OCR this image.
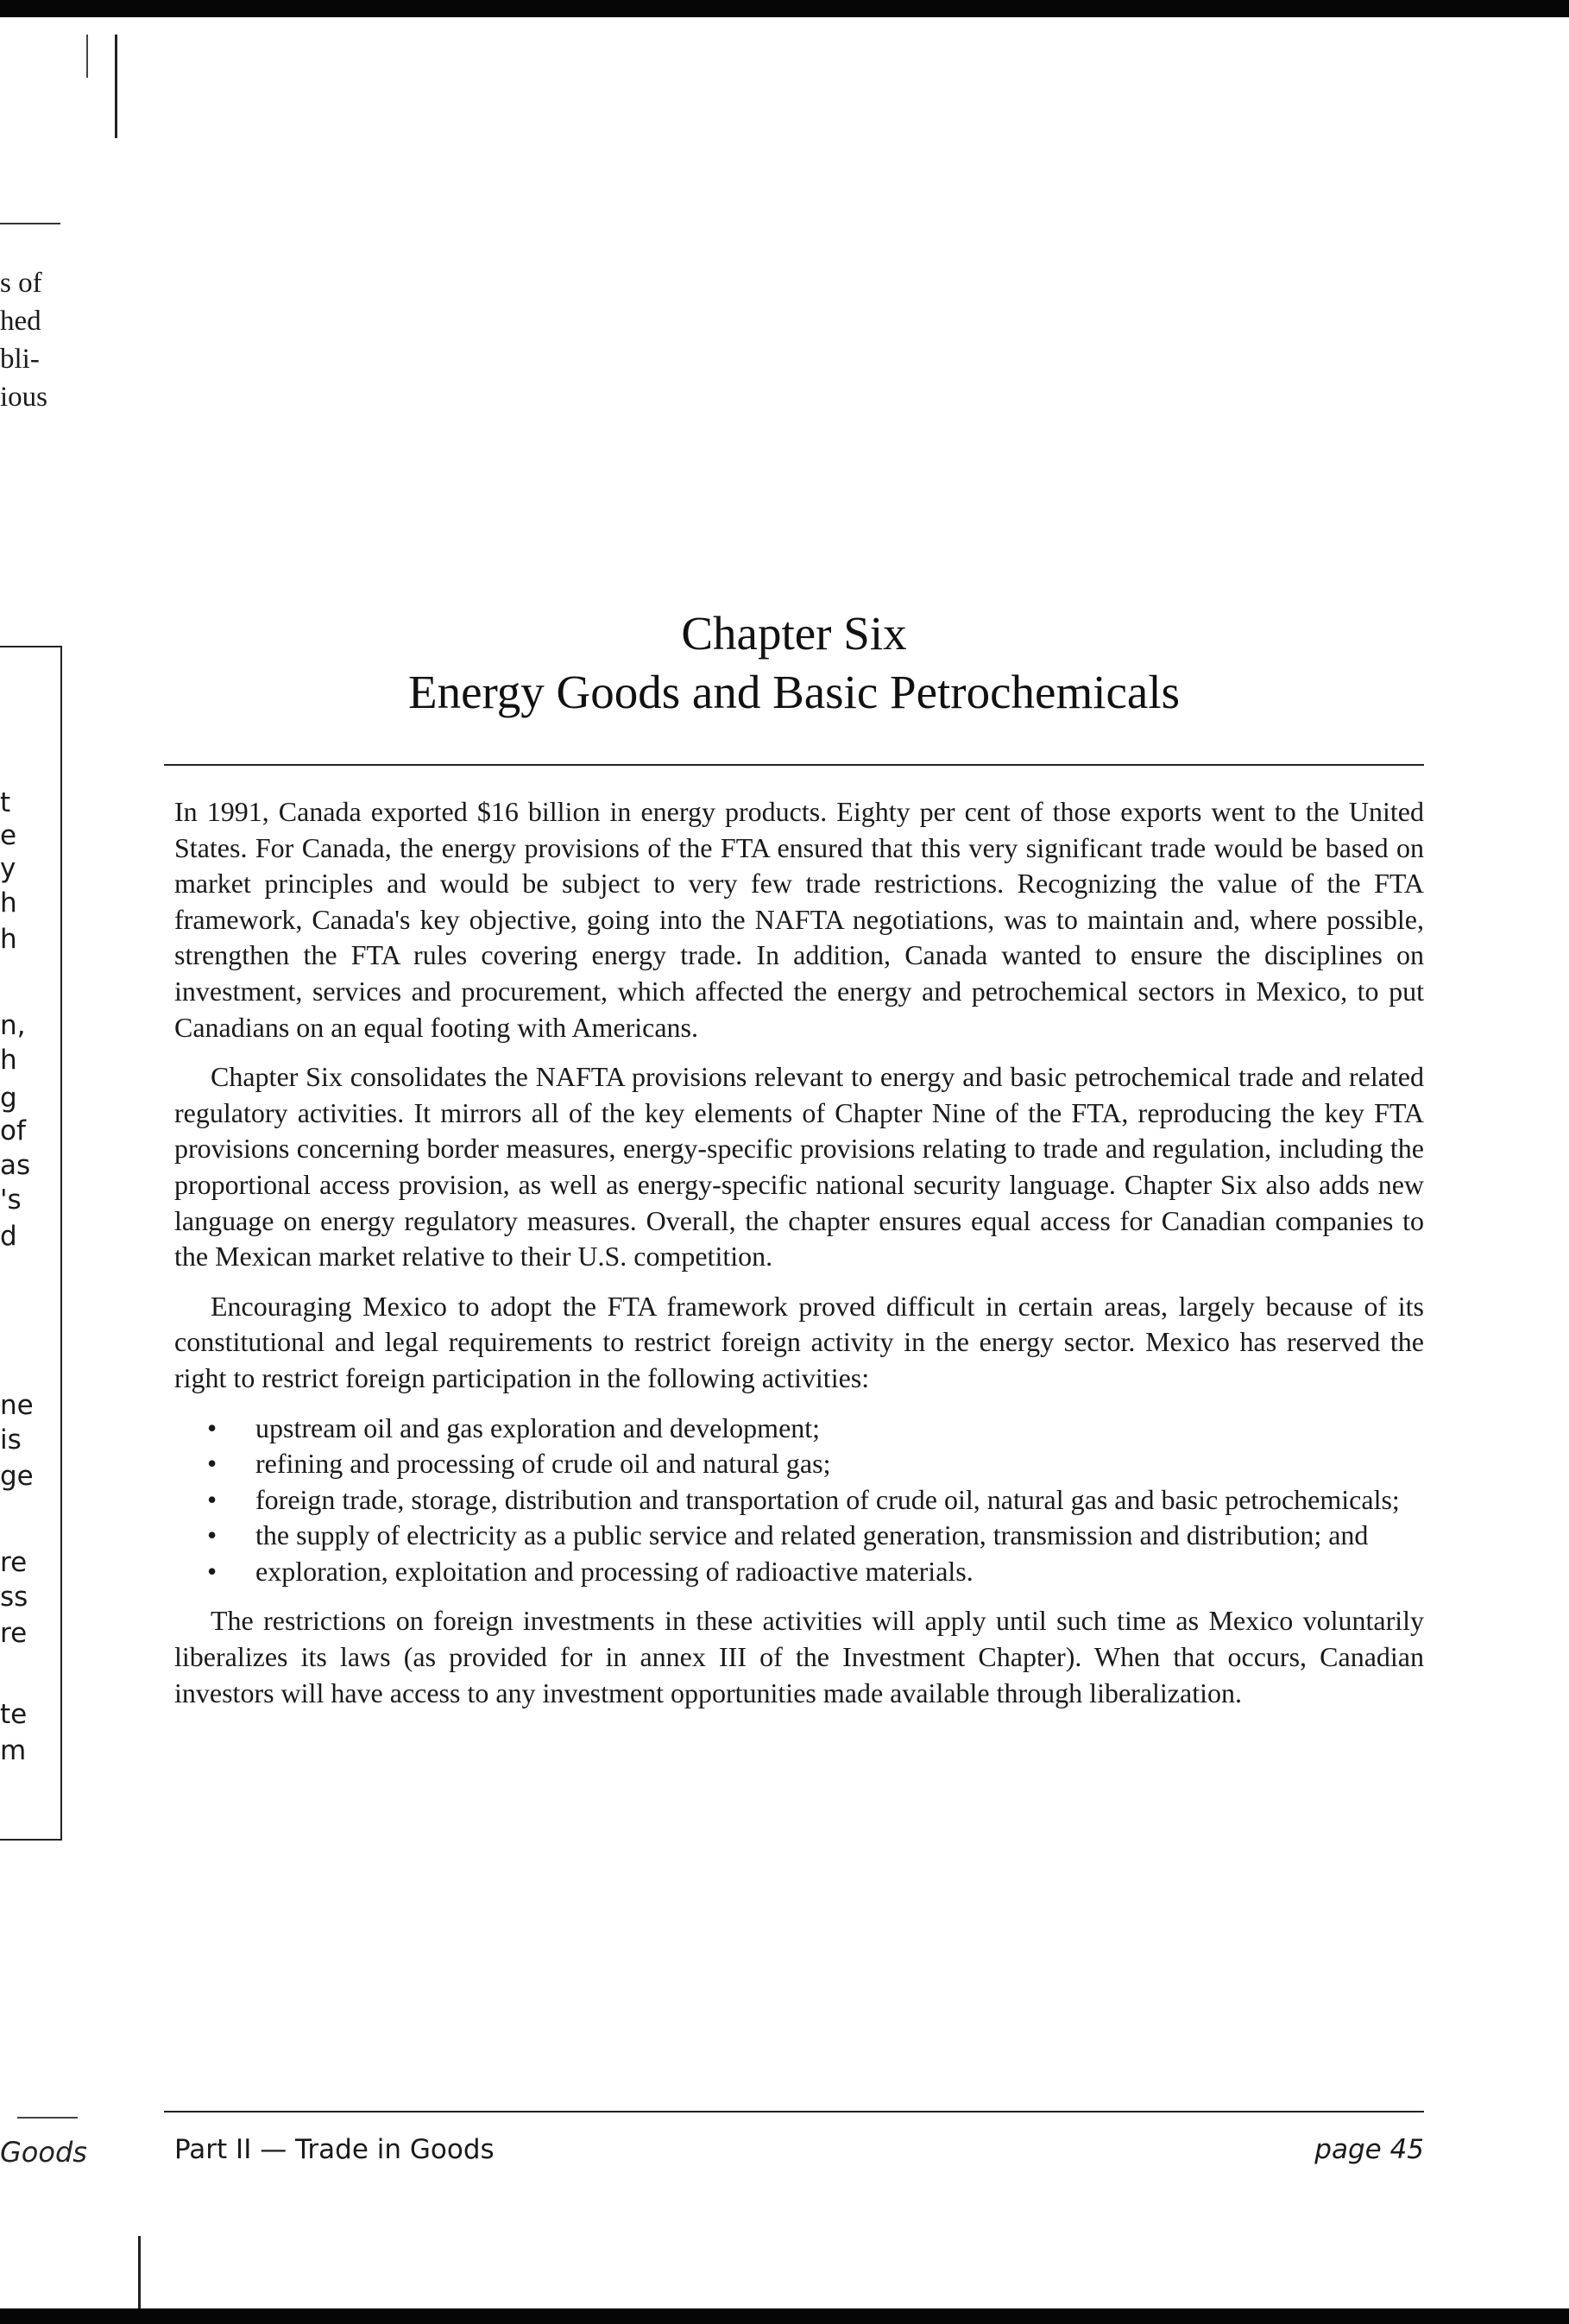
s of
hed
bli-
ious
t
e
y
h
h
n,
h
g
of
as
's
d
ne
is
ge
re
ss
re
te
m
Goods
Chapter Six
Energy Goods and Basic Petrochemicals

In 1991, Canada exported $16 billion in energy products. Eighty per cent of those exports went to the United States. For Canada, the energy provisions of the FTA ensured that this very significant trade would be based on market principles and would be subject to very few trade restrictions. Recognizing the value of the FTA framework, Canada's key objective, going into the NAFTA negotiations, was to maintain and, where possible, strengthen the FTA rules covering energy trade. In addition, Canada wanted to ensure the disciplines on investment, services and procurement, which affected the energy and petrochemical sectors in Mexico, to put Canadians on an equal footing with Americans.

Chapter Six consolidates the NAFTA provisions relevant to energy and basic petrochemical trade and related regulatory activities. It mirrors all of the key elements of Chapter Nine of the FTA, reproducing the key FTA provisions concerning border measures, energy-specific provisions relating to trade and regulation, including the proportional access provision, as well as energy-specific national security language. Chapter Six also adds new language on energy regulatory measures. Overall, the chapter ensures equal access for Canadian companies to the Mexican market relative to their U.S. competition.

Encouraging Mexico to adopt the FTA framework proved difficult in certain areas, largely because of its constitutional and legal requirements to restrict foreign activity in the energy sector. Mexico has reserved the right to restrict foreign participation in the following activities:

• upstream oil and gas exploration and development;
• refining and processing of crude oil and natural gas;
• foreign trade, storage, distribution and transportation of crude oil, natural gas and basic petrochemicals;
• the supply of electricity as a public service and related generation, transmission and distribution; and
• exploration, exploitation and processing of radioactive materials.

The restrictions on foreign investments in these activities will apply until such time as Mexico voluntarily liberalizes its laws (as provided for in annex III of the Investment Chapter). When that occurs, Canadian investors will have access to any investment opportunities made available through liberalization.

Part II — Trade in Goods	page 45
